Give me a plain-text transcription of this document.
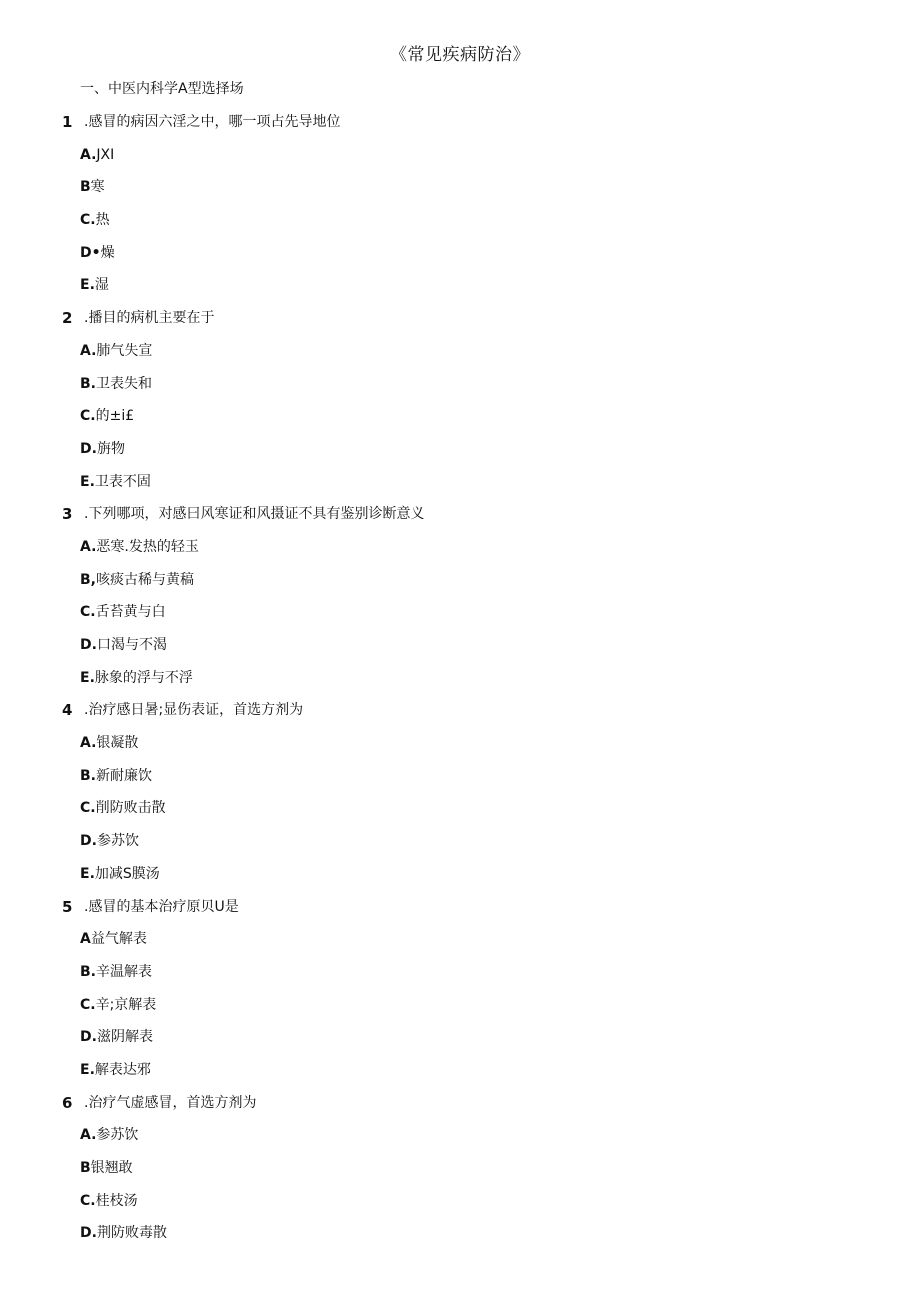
《常见疾病防治》
一、中医内科学A型选择场
1 .感冒的病因六淫之中，哪一项占先导地位
A.JXI
B寒
C.热
D•燥
E.湿
2 .播目的病机主要在于
A.肺气失宣
B.卫表失和
C.的±i£
D.旃物
E.卫表不固
3 .下列哪项，对感曰风寒证和风摄证不具有鉴别诊断意义
A.恶寒.发热的轻玉
B,咳痰古稀与黄稿
C.舌苔黄与白
D.口渴与不渴
E.脉象的浮与不浮
4 .治疗感日暑;显伤表证，首选方剂为
A.银凝散
B.新耐廉饮
C.削防败击散
D.参苏饮
E.加减S膜汤
5 .感冒的基本治疗原贝U是
A益气解表
B.辛温解表
C.辛;京解表
D.滋阴解表
E.解表达邪
6 .治疗气虚感冒，首选方剂为
A.参苏饮
B银翘敢
C.桂枝汤
D.荆防败毒散
